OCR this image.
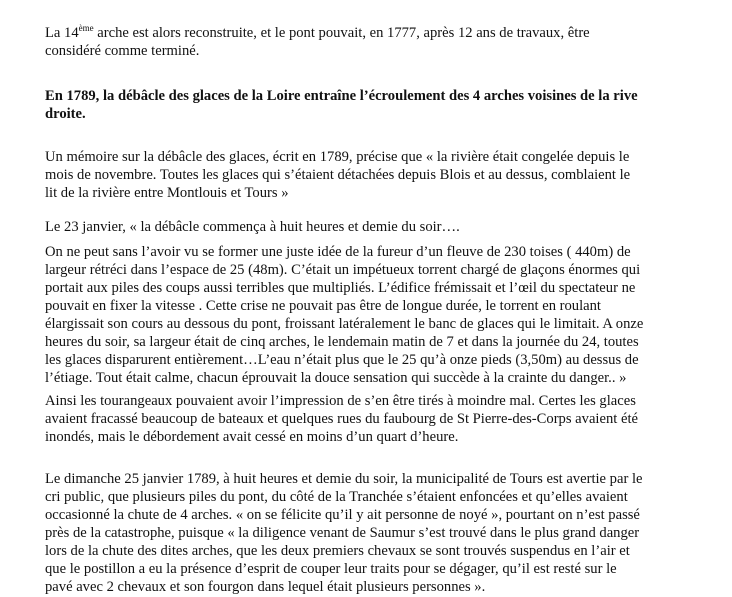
La 14ème arche est alors reconstruite, et le pont pouvait, en 1777, après 12 ans de travaux, être
considéré comme terminé.
En 1789, la débâcle des glaces de la Loire entraîne l’écroulement des 4 arches voisines de la rive
droite.
Un mémoire sur la débâcle des glaces, écrit en 1789, précise que « la rivière était congelée depuis le
mois de novembre. Toutes les glaces qui s’étaient détachées depuis Blois et au dessus, comblaient le
lit de la rivière entre Montlouis et Tours »
Le 23 janvier, « la débâcle commença à huit heures et demie du soir….
On ne peut sans l’avoir vu se former une juste idée de la fureur d’un fleuve de 230 toises ( 440m) de
largeur rétréci dans l’espace de 25 (48m). C’était un impétueux torrent chargé de glaçons énormes qui
portait aux piles des coups aussi terribles que multipliés. L’édifice frémissait et l’œil du spectateur ne
pouvait en fixer la vitesse . Cette crise ne pouvait pas être de longue durée, le torrent en roulant
élargissait son cours au dessous du pont, froissant latéralement le banc de glaces qui le limitait. A onze
heures du soir, sa largeur était de cinq arches, le lendemain matin de 7 et dans la journée du 24, toutes
les glaces disparurent entièrement…L’eau n’était plus que le 25 qu’à onze pieds (3,50m) au dessus de
l’étiage. Tout était calme, chacun éprouvait la douce sensation qui succède à la crainte du danger.. »
Ainsi les tourangeaux pouvaient avoir l’impression de s’en être tirés à moindre mal. Certes les glaces
avaient fracassé beaucoup de bateaux et quelques rues du faubourg de St Pierre-des-Corps avaient été
inondés, mais le débordement avait cessé en moins d’un quart d’heure.
Le dimanche 25 janvier 1789, à huit heures et demie du soir, la municipalité de Tours est avertie par le
cri public, que plusieurs piles du pont, du côté de la Tranchée s’étaient enfoncées et qu’elles avaient
occasionné la chute de 4 arches. « on se félicite qu’il y ait personne de noyé », pourtant on n’est passé
près de la catastrophe, puisque « la diligence venant de Saumur s’est trouvé dans le plus grand danger
lors de la chute des dites arches, que les deux premiers chevaux se sont trouvés suspendus en l’air et
que le postillon a eu la présence d’esprit de couper leur traits pour se dégager, qu’il est resté sur le
pavé avec 2 chevaux et son fourgon dans lequel était plusieurs personnes ».
